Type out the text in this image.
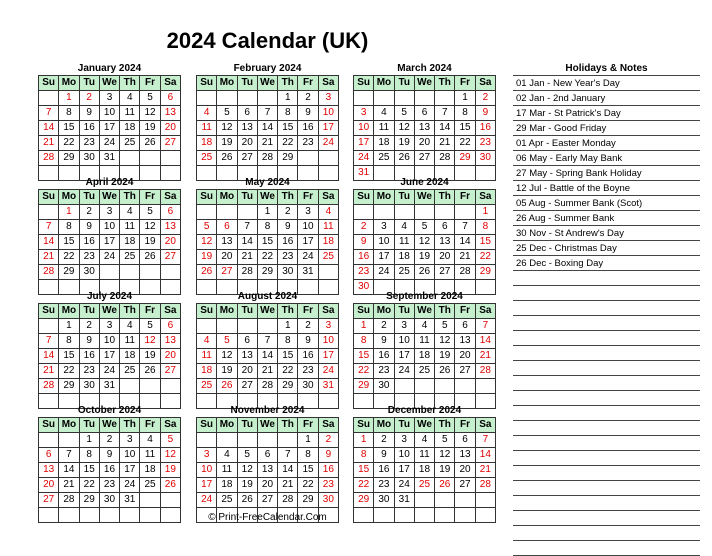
2024 Calendar (UK)
January 2024
Su	Mo	Tu	We	Th	Fr	Sa
	1	2	3	4	5	6
7	8	9	10	11	12	13
14	15	16	17	18	19	20
21	22	23	24	25	26	27
28	29	30	31			

February 2024
Su	Mo	Tu	We	Th	Fr	Sa
				1	2	3
4	5	6	7	8	9	10
11	12	13	14	15	16	17
18	19	20	21	22	23	24
25	26	27	28	29		

March 2024
Su	Mo	Tu	We	Th	Fr	Sa
					1	2
3	4	5	6	7	8	9
10	11	12	13	14	15	16
17	18	19	20	21	22	23
24	25	26	27	28	29	30
31						
April 2024
Su	Mo	Tu	We	Th	Fr	Sa
	1	2	3	4	5	6
7	8	9	10	11	12	13
14	15	16	17	18	19	20
21	22	23	24	25	26	27
28	29	30				

May 2024
Su	Mo	Tu	We	Th	Fr	Sa
			1	2	3	4
5	6	7	8	9	10	11
12	13	14	15	16	17	18
19	20	21	22	23	24	25
26	27	28	29	30	31	

June 2024
Su	Mo	Tu	We	Th	Fr	Sa
						1
2	3	4	5	6	7	8
9	10	11	12	13	14	15
16	17	18	19	20	21	22
23	24	25	26	27	28	29
30						
July 2024
Su	Mo	Tu	We	Th	Fr	Sa
	1	2	3	4	5	6
7	8	9	10	11	12	13
14	15	16	17	18	19	20
21	22	23	24	25	26	27
28	29	30	31			

August 2024
Su	Mo	Tu	We	Th	Fr	Sa
				1	2	3
4	5	6	7	8	9	10
11	12	13	14	15	16	17
18	19	20	21	22	23	24
25	26	27	28	29	30	31

September 2024
Su	Mo	Tu	We	Th	Fr	Sa
1	2	3	4	5	6	7
8	9	10	11	12	13	14
15	16	17	18	19	20	21
22	23	24	25	26	27	28
29	30					

October 2024
Su	Mo	Tu	We	Th	Fr	Sa
		1	2	3	4	5
6	7	8	9	10	11	12
13	14	15	16	17	18	19
20	21	22	23	24	25	26
27	28	29	30	31		

November 2024
Su	Mo	Tu	We	Th	Fr	Sa
					1	2
3	4	5	6	7	8	9
10	11	12	13	14	15	16
17	18	19	20	21	22	23
24	25	26	27	28	29	30

December 2024
Su	Mo	Tu	We	Th	Fr	Sa
1	2	3	4	5	6	7
8	9	10	11	12	13	14
15	16	17	18	19	20	21
22	23	24	25	26	27	28
29	30	31				

Holidays & Notes
01 Jan - New Year's Day
02 Jan - 2nd January
17 Mar - St Patrick's Day
29 Mar - Good Friday
01 Apr - Easter Monday
06 May - Early May Bank
27 May - Spring Bank Holiday
12 Jul - Battle of the Boyne
05 Aug - Summer Bank (Scot)
26 Aug - Summer Bank
30 Nov - St Andrew's Day
25 Dec - Christmas Day
26 Dec - Boxing Day
© Print-FreeCalendar.Com
